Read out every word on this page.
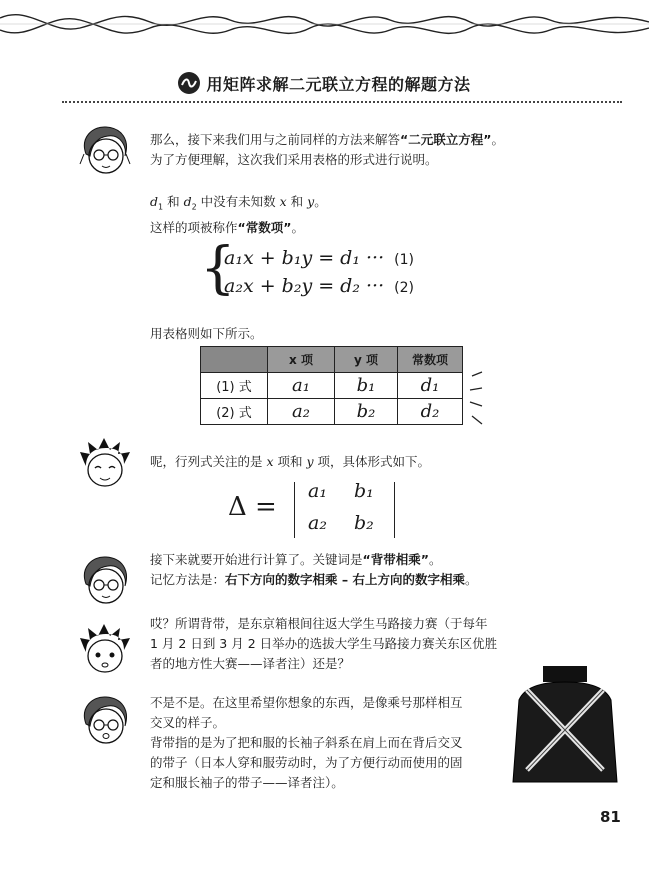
用矩阵求解二元联立方程的解题方法

那么，接下来我们用与之前同样的方法来解答“二元联立方程”。

为了方便理解，这次我们采用表格的形式进行说明。

$d_1$ 和 $d_2$ 中没有未知数 x 和 y。

这样的项被称作“常数项”。

{
a₁x + b₁y = d₁ ··· (1)
a₂x + b₂y = d₂ ··· (2)
用表格则如下所示。
	x 项	y 项	常数项
(1) 式	a₁	b₁	d₁
(2) 式	a₂	b₂	d₂

呢，行列式关注的是 x 项和 y 项，具体形式如下。

Δ =
a₁ b₁
a₂ b₂

接下来就要开始进行计算了。关键词是“背带相乘”。

记忆方法是：右下方向的数字相乘 – 右上方向的数字相乘。

哎？所谓背带，是东京箱根间往返大学生马路接力赛（于每年

1 月 2 日到 3 月 2 日举办的选拔大学生马路接力赛关东区优胜

者的地方性大赛——译者注）还是？

不是不是。在这里希望你想象的东西，是像乘号那样相互

交叉的样子。

背带指的是为了把和服的长袖子斜系在肩上而在背后交叉

的带子（日本人穿和服劳动时，为了方便行动而使用的固

定和服长袖子的带子——译者注）。

81
